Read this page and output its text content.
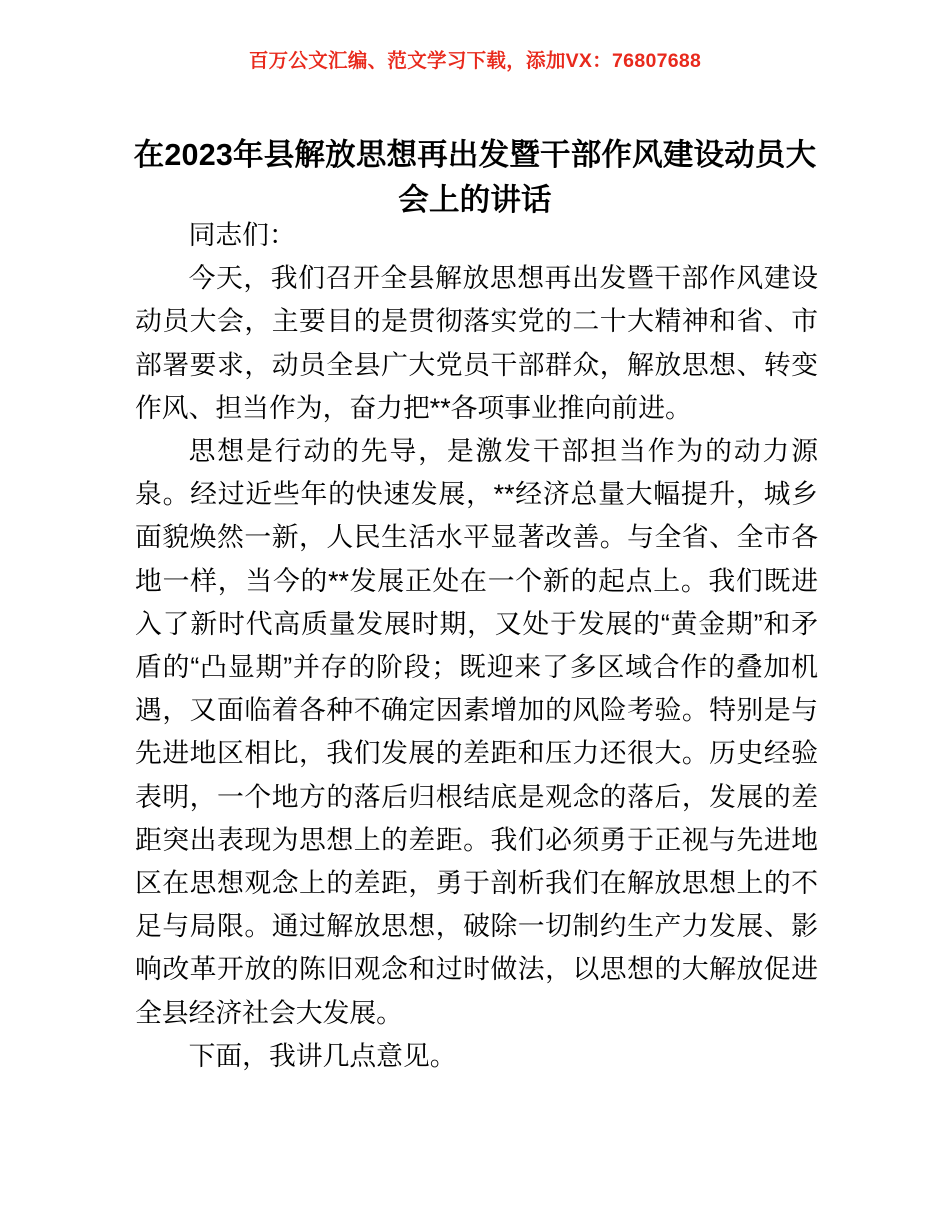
百万公文汇编、范文学习下载，添加VX：76807688
在2023年县解放思想再出发暨干部作风建设动员大会上的讲话

同志们：

今天，我们召开全县解放思想再出发暨干部作风建设动员大会，主要目的是贯彻落实党的二十大精神和省、市部署要求，动员全县广大党员干部群众，解放思想、转变作风、担当作为，奋力把**各项事业推向前进。

思想是行动的先导，是激发干部担当作为的动力源泉。经过近些年的快速发展，**经济总量大幅提升，城乡面貌焕然一新，人民生活水平显著改善。与全省、全市各地一样，当今的**发展正处在一个新的起点上。我们既进入了新时代高质量发展时期，又处于发展的“黄金期”和矛盾的“凸显期”并存的阶段；既迎来了多区域合作的叠加机遇，又面临着各种不确定因素增加的风险考验。特别是与先进地区相比，我们发展的差距和压力还很大。历史经验表明，一个地方的落后归根结底是观念的落后，发展的差距突出表现为思想上的差距。我们必须勇于正视与先进地区在思想观念上的差距，勇于剖析我们在解放思想上的不足与局限。通过解放思想，破除一切制约生产力发展、影响改革开放的陈旧观念和过时做法，以思想的大解放促进全县经济社会大发展。

下面，我讲几点意见。
